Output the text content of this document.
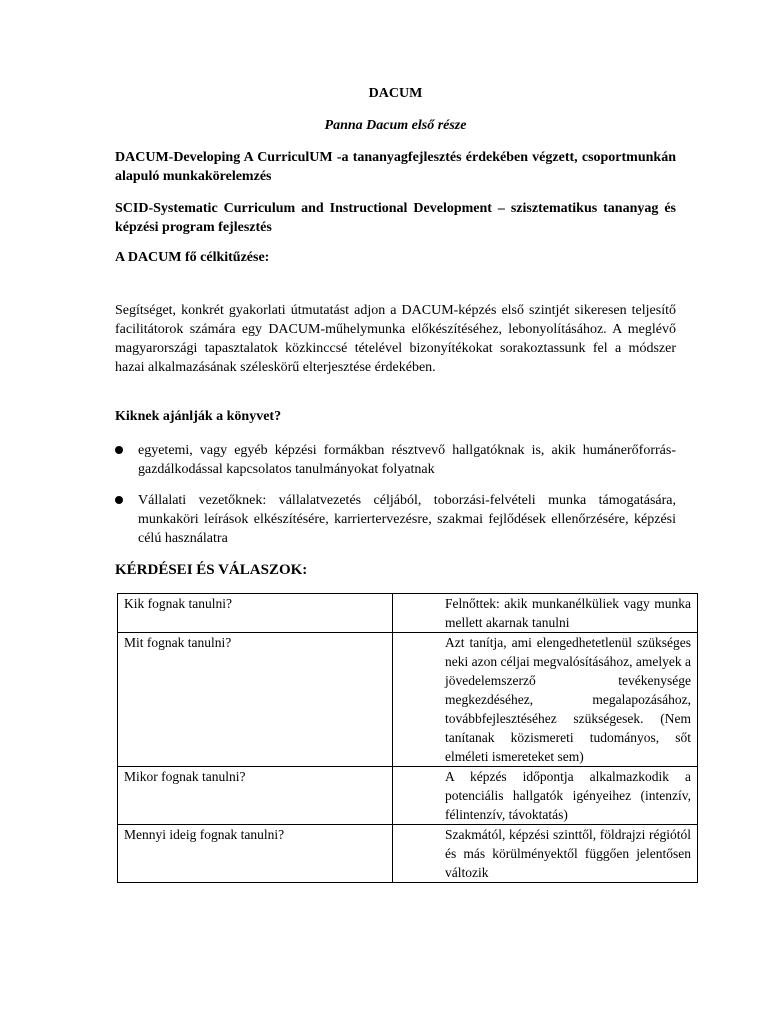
DACUM
Panna Dacum első része

DACUM-Developing A CurriculUM -a tananyagfejlesztés érdekében végzett, csoportmunkán alapuló munkakörelemzés

SCID-Systematic Curriculum and Instructional Development – szisztematikus tananyag és képzési program fejlesztés

A DACUM fő célkitűzése:

Segítséget, konkrét gyakorlati útmutatást adjon a DACUM-képzés első szintjét sikeresen teljesítő facilitátorok számára egy DACUM-műhelymunka előkészítéséhez, lebonyolításához. A meglévő magyarországi tapasztalatok közkinccsé tételével bizonyítékokat sorakoztassunk fel a módszer hazai alkalmazásának széleskörű elterjesztése érdekében.

Kiknek ajánlják a könyvet?

egyetemi, vagy egyéb képzési formákban résztvevő hallgatóknak is, akik humánerőforrás-gazdálkodással kapcsolatos tanulmányokat folyatnak
Vállalati vezetőknek: vállalatvezetés céljából, toborzási-felvételi munka támogatására, munkaköri leírások elkészítésére, karriertervezésre, szakmai fejlődések ellenőrzésére, képzési célú használatra

KÉRDÉSEI ÉS VÁLASZOK:

Kik fognak tanulni?	Felnőttek: akik munkanélküliek vagy munka mellett akarnak tanulni
Mit fognak tanulni?	Azt tanítja, ami elengedhetetlenül szükséges neki azon céljai megvalósításához, amelyek a jövedelemszerző tevékenysége megkezdéséhez, megalapozásához, továbbfejlesztéséhez szükségesek. (Nem tanítanak közismereti tudományos, sőt elméleti ismereteket sem)
Mikor fognak tanulni?	A képzés időpontja alkalmazkodik a potenciális hallgatók igényeihez (intenzív, félintenzív, távoktatás)
Mennyi ideig fognak tanulni?	Szakmától, képzési szinttől, földrajzi régiótól és más körülményektől függően jelentősen változik
